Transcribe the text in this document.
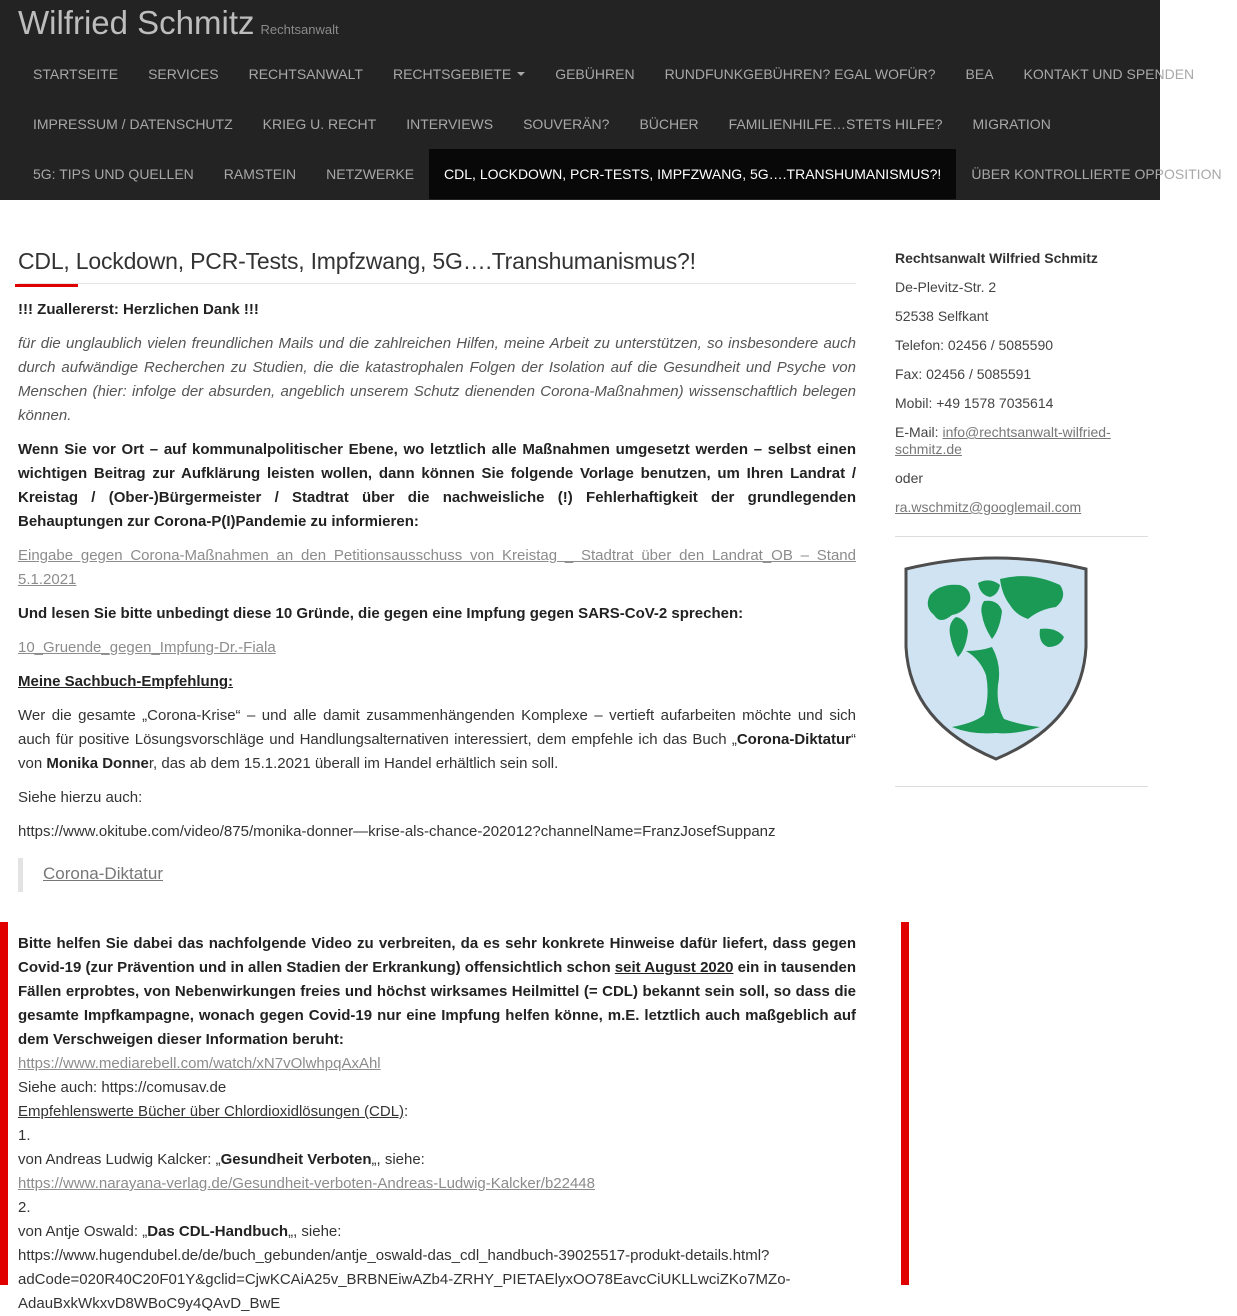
Wilfried Schmitz Rechtsanwalt
STARTSEITE	SERVICES	RECHTSANWALT	RECHTSGEBIETE	GEBÜHREN	RUNDFUNKGEBÜHREN? EGAL WOFÜR?	BEA	KONTAKT UND SPENDEN
IMPRESSUM / DATENSCHUTZ	KRIEG U. RECHT	INTERVIEWS	SOUVERÄN?	BÜCHER	FAMILIENHILFE…STETS HILFE?	MIGRATION
5G: TIPS UND QUELLEN	RAMSTEIN	NETZWERKE	CDL, LOCKDOWN, PCR-TESTS, IMPFZWANG, 5G….TRANSHUMANISMUS?!	ÜBER KONTROLLIERTE OPPOSITION
CDL, Lockdown, PCR-Tests, Impfzwang, 5G….Transhumanismus?!

!!! Zuallererst: Herzlichen Dank !!!

für die unglaublich vielen freundlichen Mails und die zahlreichen Hilfen, meine Arbeit zu unterstützen, so insbesondere auch durch aufwändige Recherchen zu Studien, die die katastrophalen Folgen der Isolation auf die Gesundheit und Psyche von Menschen (hier: infolge der absurden, angeblich unserem Schutz dienenden Corona-Maßnahmen) wissenschaftlich belegen können.

Wenn Sie vor Ort – auf kommunalpolitischer Ebene, wo letztlich alle Maßnahmen umgesetzt werden – selbst einen wichtigen Beitrag zur Aufklärung leisten wollen, dann können Sie folgende Vorlage benutzen, um Ihren Landrat / Kreistag / (Ober-)Bürgermeister / Stadtrat über die nachweisliche (!) Fehlerhaftigkeit der grundlegenden Behauptungen zur Corona-P(I)Pandemie zu informieren:

Eingabe gegen Corona-Maßnahmen an den Petitionsausschuss von Kreistag _ Stadtrat über den Landrat_OB – Stand 5.1.2021

Und lesen Sie bitte unbedingt diese 10 Gründe, die gegen eine Impfung gegen SARS-CoV-2 sprechen:

10_Gruende_gegen_Impfung-Dr.-Fiala

Meine Sachbuch-Empfehlung:

Wer die gesamte „Corona-Krise“ – und alle damit zusammenhängenden Komplexe – vertieft aufarbeiten möchte und sich auch für positive Lösungsvorschläge und Handlungsalternativen interessiert, dem empfehle ich das Buch „Corona-Diktatur“ von Monika Donner, das ab dem 15.1.2021 überall im Handel erhältlich sein soll.

Siehe hierzu auch:

https://www.okitube.com/video/875/monika-donner—krise-als-chance-202012?channelName=FranzJosefSuppanz

Corona-Diktatur

Bitte helfen Sie dabei das nachfolgende Video zu verbreiten, da es sehr konkrete Hinweise dafür liefert, dass gegen Covid-19 (zur Prävention und in allen Stadien der Erkrankung) offensichtlich schon seit August 2020 ein in tausenden Fällen erprobtes, von Nebenwirkungen freies und höchst wirksames Heilmittel (= CDL) bekannt sein soll, so dass die gesamte Impfkampagne, wonach gegen Covid-19 nur eine Impfung helfen könne, m.E. letztlich auch maßgeblich auf dem Verschweigen dieser Information beruht:

https://www.mediarebell.com/watch/xN7vOlwhpqAxAhl
Siehe auch: https://comusav.de
Empfehlenswerte Bücher über Chlordioxidlösungen (CDL):
1.
von Andreas Ludwig Kalcker: „Gesundheit Verboten„, siehe:
https://www.narayana-verlag.de/Gesundheit-verboten-Andreas-Ludwig-Kalcker/b22448
2.
von Antje Oswald: „Das CDL-Handbuch„, siehe:
https://www.hugendubel.de/de/buch_gebunden/antje_oswald-das_cdl_handbuch-39025517-produkt-details.html?
adCode=020R40C20F01Y&gclid=CjwKCAiA25v_BRBNEiwAZb4-ZRHY_PIETAElyxOO78EavcCiUKLLwciZKo7MZo-
AdauBxkWkxvD8WBoC9y4QAvD_BwE
Rechtsanwalt Wilfried Schmitz
De-Plevitz-Str. 2
52538 Selfkant
Telefon: 02456 / 5085590
Fax: 02456 / 5085591
Mobil: +49 1578 7035614
E-Mail: info@rechtsanwalt-wilfried-schmitz.de
oder
ra.wschmitz@googlemail.com
